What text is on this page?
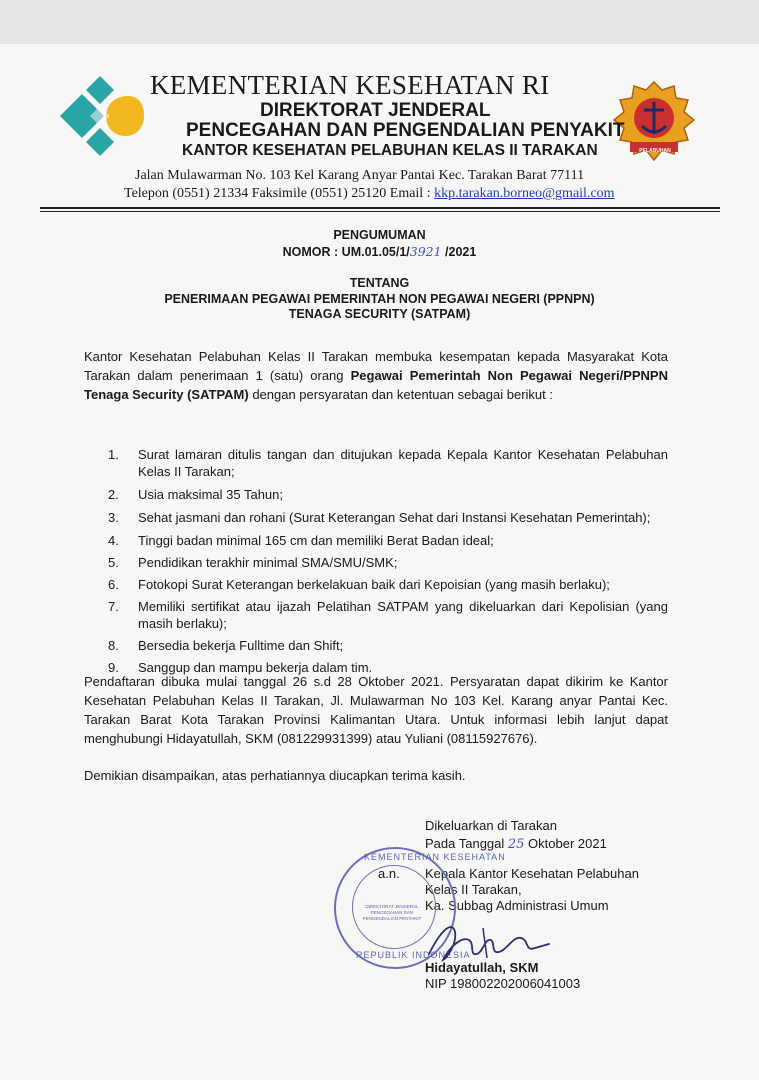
PELABUHAN
KEMENTERIAN KESEHATAN RI
DIREKTORAT JENDERAL
PENCEGAHAN DAN PENGENDALIAN PENYAKIT
KANTOR KESEHATAN PELABUHAN KELAS II TARAKAN
Jalan Mulawarman No. 103 Kel Karang Anyar Pantai Kec. Tarakan Barat 77111
Telepon (0551) 21334 Faksimile (0551) 25120 Email : kkp.tarakan.borneo@gmail.com
PENGUMUMAN
NOMOR : UM.01.05/1/3921 /2021
TENTANG
PENERIMAAN PEGAWAI PEMERINTAH NON PEGAWAI NEGERI (PPNPN)
TENAGA SECURITY (SATPAM)
Kantor Kesehatan Pelabuhan Kelas II Tarakan membuka kesempatan kepada Masyarakat Kota Tarakan dalam penerimaan 1 (satu) orang Pegawai Pemerintah Non Pegawai Negeri/PPNPN Tenaga Security (SATPAM) dengan persyaratan dan ketentuan sebagai berikut :
1. Surat lamaran ditulis tangan dan ditujukan kepada Kepala Kantor Kesehatan Pelabuhan Kelas II Tarakan;
2. Usia maksimal 35 Tahun;
3. Sehat jasmani dan rohani (Surat Keterangan Sehat dari Instansi Kesehatan Pemerintah);
4. Tinggi badan minimal 165 cm dan memiliki Berat Badan ideal;
5. Pendidikan terakhir minimal SMA/SMU/SMK;
6. Fotokopi Surat Keterangan berkelakuan baik dari Kepoisian (yang masih berlaku);
7. Memiliki sertifikat atau ijazah Pelatihan SATPAM yang dikeluarkan dari Kepolisian (yang masih berlaku);
8. Bersedia bekerja Fulltime dan Shift;
9. Sanggup dan mampu bekerja dalam tim.
Pendaftaran dibuka mulai tanggal 26 s.d 28 Oktober 2021. Persyaratan dapat dikirim ke Kantor Kesehatan Pelabuhan Kelas II Tarakan, Jl. Mulawarman No 103 Kel. Karang anyar Pantai Kec. Tarakan Barat Kota Tarakan Provinsi Kalimantan Utara. Untuk informasi lebih lanjut dapat menghubungi Hidayatullah, SKM (081229931399) atau Yuliani (08115927676).
Demikian disampaikan, atas perhatiannya diucapkan terima kasih.
Dikeluarkan di Tarakan
Pada Tanggal 25 Oktober 2021
a.n. Kepala Kantor Kesehatan Pelabuhan
Kelas II Tarakan,
Ka. Subbag Administrasi Umum
Hidayatullah, SKM
NIP 198002202006041003
KEMENTERIAN KESEHATAN
DIREKTORAT JENDERAL
PENCEGAHAN DAN
PENGENDALIAN PENYAKIT
REPUBLIK INDONESIA
